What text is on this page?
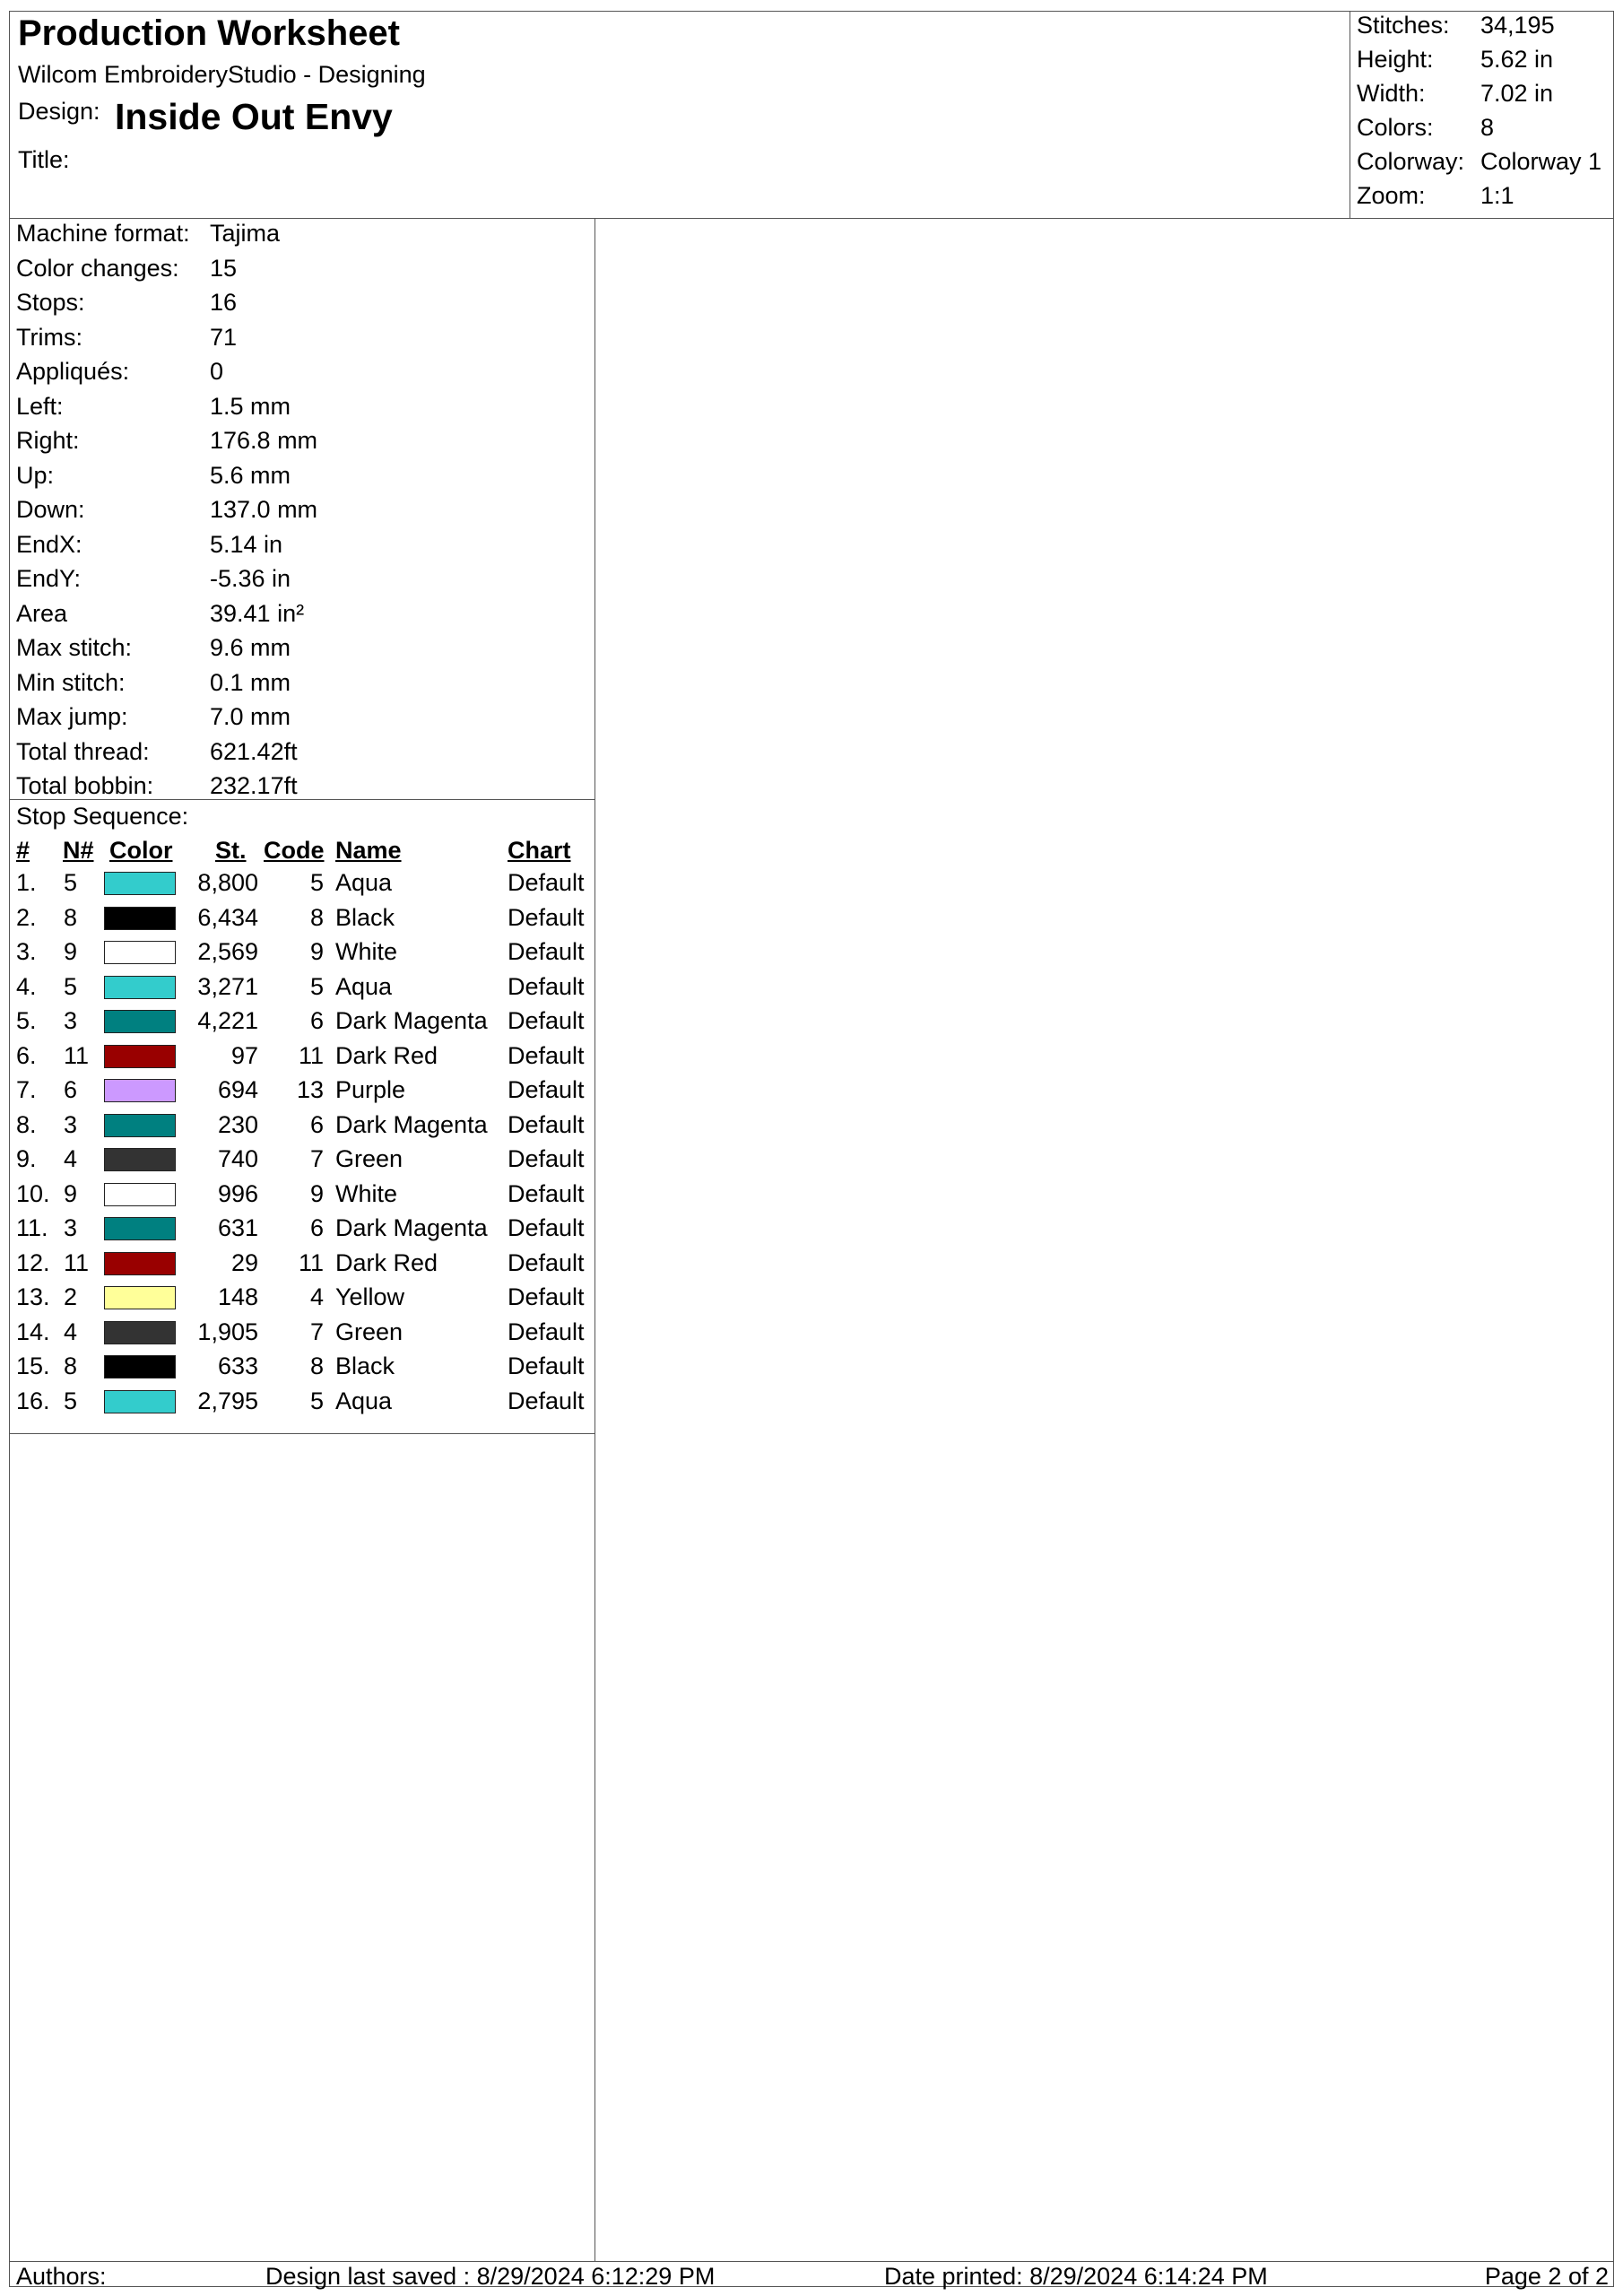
Production Worksheet
Wilcom EmbroideryStudio - Designing
Design: Inside Out Envy
Title:
Stitches: 34,195
Height: 5.62 in
Width: 7.02 in
Colors: 8
Colorway: Colorway 1
Zoom: 1:1
Machine format: Tajima
Color changes: 15
Stops:	16
Trims:	71
Appliqués:	0
Left:	1.5 mm
Right:	176.8 mm
Up:	5.6 mm
Down:	137.0 mm
EndX:	5.14 in
EndY:	-5.36 in
Area	39.41 in²
Max stitch:	9.6 mm
Min stitch:	0.1 mm
Max jump:	7.0 mm
Total thread: 621.42ft
Total bobbin: 232.17ft
Stop Sequence:
# N# Color St. Code Name	Chart
1. 5	8,800 5 Aqua	Default
2. 8	6,434 8 Black	Default
3. 9	2,569 9 White	Default
4. 5	3,271 5 Aqua	Default
5. 3	4,221 6 Dark Magenta Default
6. 11	97 11 Dark Red	Default
7. 6	694 13 Purple	Default
8. 3	230 6 Dark Magenta Default
9. 4	740 7 Green	Default
10. 9	996 9 White	Default
11. 3	631 6 Dark Magenta Default
12. 11	29 11 Dark Red	Default
13. 2	148 4 Yellow	Default
14. 4	1,905 7 Green	Default
15. 8	633 8 Black	Default
16. 5	2,795 5 Aqua	Default
Authors:	Design last saved : 8/29/2024 6:12:29 PM	Date printed: 8/29/2024 6:14:24 PM	Page 2 of 2
